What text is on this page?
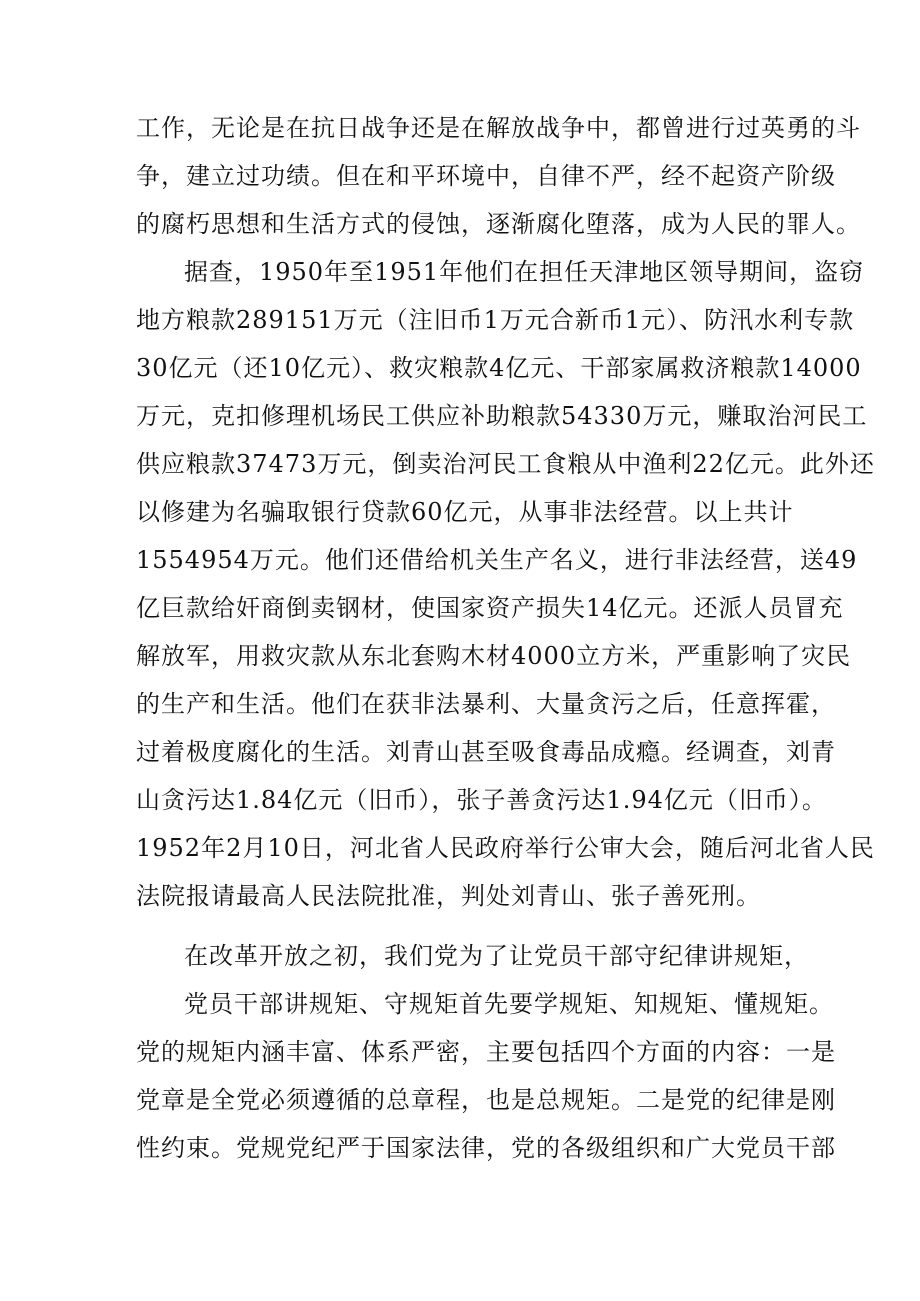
工作，无论是在抗日战争还是在解放战争中，都曾进行过英勇的斗
争，建立过功绩。但在和平环境中，自律不严，经不起资产阶级
的腐朽思想和生活方式的侵蚀，逐渐腐化堕落，成为人民的罪人。
据查，1950年至1951年他们在担任天津地区领导期间，盗窃
地方粮款289151万元（注旧币1万元合新币1元）、防汛水利专款
30亿元（还10亿元）、救灾粮款4亿元、干部家属救济粮款14000
万元，克扣修理机场民工供应补助粮款54330万元，赚取治河民工
供应粮款37473万元，倒卖治河民工食粮从中渔利22亿元。此外还
以修建为名骗取银行贷款60亿元，从事非法经营。以上共计
1554954万元。他们还借给机关生产名义，进行非法经营，送49
亿巨款给奸商倒卖钢材，使国家资产损失14亿元。还派人员冒充
解放军，用救灾款从东北套购木材4000立方米，严重影响了灾民
的生产和生活。他们在获非法暴利、大量贪污之后，任意挥霍，
过着极度腐化的生活。刘青山甚至吸食毒品成瘾。经调查，刘青
山贪污达1.84亿元（旧币），张子善贪污达1.94亿元（旧币）。
1952年2月10日，河北省人民政府举行公审大会，随后河北省人民
法院报请最高人民法院批准，判处刘青山、张子善死刑。
在改革开放之初，我们党为了让党员干部守纪律讲规矩，
党员干部讲规矩、守规矩首先要学规矩、知规矩、懂规矩。
党的规矩内涵丰富、体系严密，主要包括四个方面的内容：一是
党章是全党必须遵循的总章程，也是总规矩。二是党的纪律是刚
性约束。党规党纪严于国家法律，党的各级组织和广大党员干部
